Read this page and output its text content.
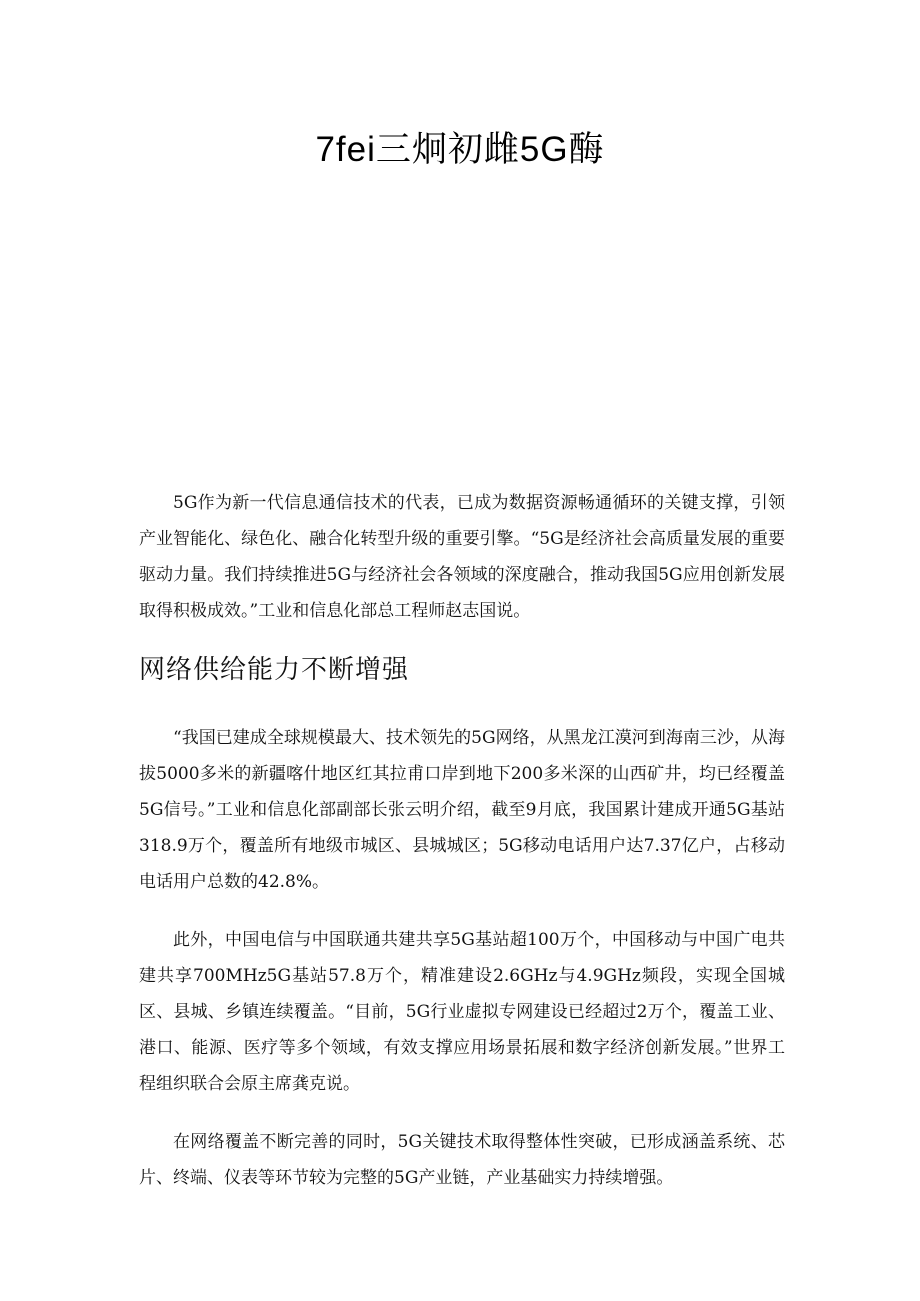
7fei三炯初雌5G酶

5G作为新一代信息通信技术的代表，已成为数据资源畅通循环的关键支撑，引领产业智能化、绿色化、融合化转型升级的重要引擎。“5G是经济社会高质量发展的重要驱动力量。我们持续推进5G与经济社会各领域的深度融合，推动我国5G应用创新发展取得积极成效。”工业和信息化部总工程师赵志国说。

网络供给能力不断增强

“我国已建成全球规模最大、技术领先的5G网络，从黑龙江漠河到海南三沙，从海拔5000多米的新疆喀什地区红其拉甫口岸到地下200多米深的山西矿井，均已经覆盖5G信号。”工业和信息化部副部长张云明介绍，截至9月底，我国累计建成开通5G基站318.9万个，覆盖所有地级市城区、县城城区；5G移动电话用户达7.37亿户，占移动电话用户总数的42.8%。

此外，中国电信与中国联通共建共享5G基站超100万个，中国移动与中国广电共建共享700MHz5G基站57.8万个，精准建设2.6GHz与4.9GHz频段，实现全国城区、县城、乡镇连续覆盖。“目前，5G行业虚拟专网建设已经超过2万个，覆盖工业、港口、能源、医疗等多个领域，有效支撑应用场景拓展和数字经济创新发展。”世界工程组织联合会原主席龚克说。

在网络覆盖不断完善的同时，5G关键技术取得整体性突破，已形成涵盖系统、芯片、终端、仪表等环节较为完整的5G产业链，产业基础实力持续增强。
